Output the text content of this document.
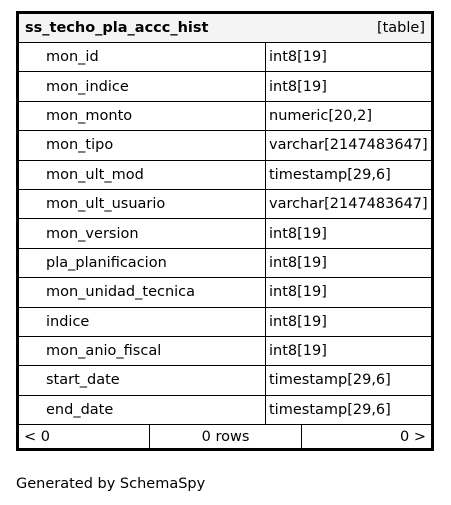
ss_techo_pla_accc_hist	[table]
mon_id	int8[19]
mon_indice	int8[19]
mon_monto	numeric[20,2]
mon_tipo	varchar[2147483647]
mon_ult_mod	timestamp[29,6]
mon_ult_usuario	varchar[2147483647]
mon_version	int8[19]
pla_planificacion	int8[19]
mon_unidad_tecnica	int8[19]
indice	int8[19]
mon_anio_fiscal	int8[19]
start_date	timestamp[29,6]
end_date	timestamp[29,6]
< 0	0 rows	0 >
Generated by SchemaSpy
